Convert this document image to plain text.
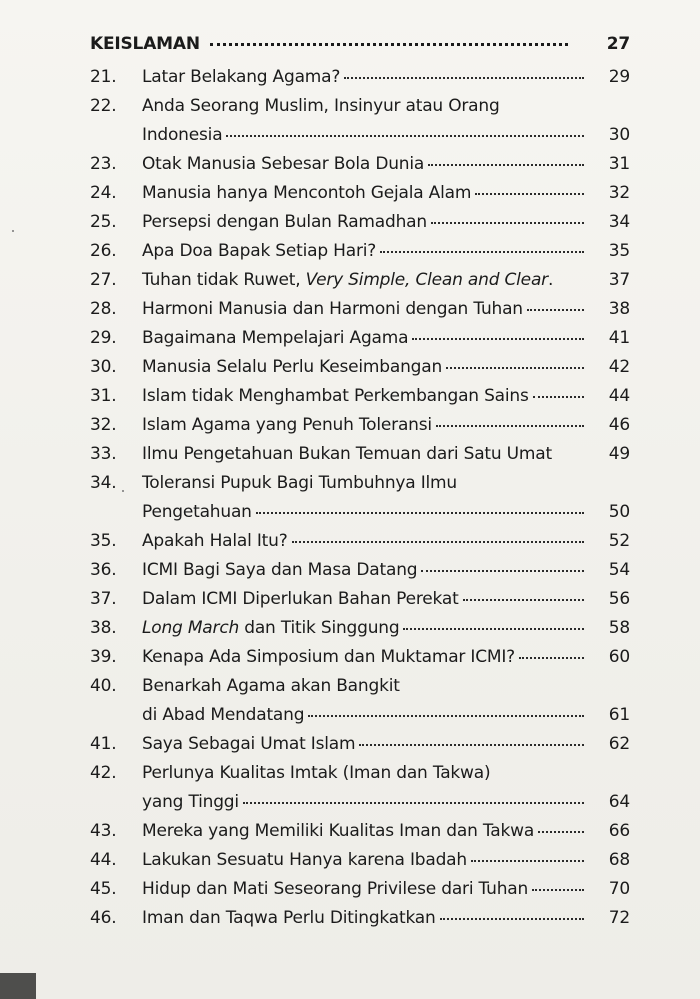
KEISLAMAN	27
21.	Latar Belakang Agama?	29
22.	Anda Seorang Muslim, Insinyur atau Orang
Indonesia	30
23.	Otak Manusia Sebesar Bola Dunia	31
24.	Manusia hanya Mencontoh Gejala Alam	32
25.	Persepsi dengan Bulan Ramadhan	34
26.	Apa Doa Bapak Setiap Hari?	35
27.	Tuhan tidak Ruwet, Very Simple, Clean and Clear.	37
28.	Harmoni Manusia dan Harmoni dengan Tuhan	38
29.	Bagaimana Mempelajari Agama	41
30.	Manusia Selalu Perlu Keseimbangan	42
31.	Islam tidak Menghambat Perkembangan Sains	44
32.	Islam Agama yang Penuh Toleransi	46
33.	Ilmu Pengetahuan Bukan Temuan dari Satu Umat	49
34.	Toleransi Pupuk Bagi Tumbuhnya Ilmu
Pengetahuan	50
35.	Apakah Halal Itu?	52
36.	ICMI Bagi Saya dan Masa Datang	54
37.	Dalam ICMI Diperlukan Bahan Perekat	56
38.	Long March dan Titik Singgung	58
39.	Kenapa Ada Simposium dan Muktamar ICMI?	60
40.	Benarkah Agama akan Bangkit
di Abad Mendatang	61
41.	Saya Sebagai Umat Islam	62
42.	Perlunya Kualitas Imtak (Iman dan Takwa)
yang Tinggi	64
43.	Mereka yang Memiliki Kualitas Iman dan Takwa	66
44.	Lakukan Sesuatu Hanya karena Ibadah	68
45.	Hidup dan Mati Seseorang Privilese dari Tuhan	70
46.	Iman dan Taqwa Perlu Ditingkatkan	72
